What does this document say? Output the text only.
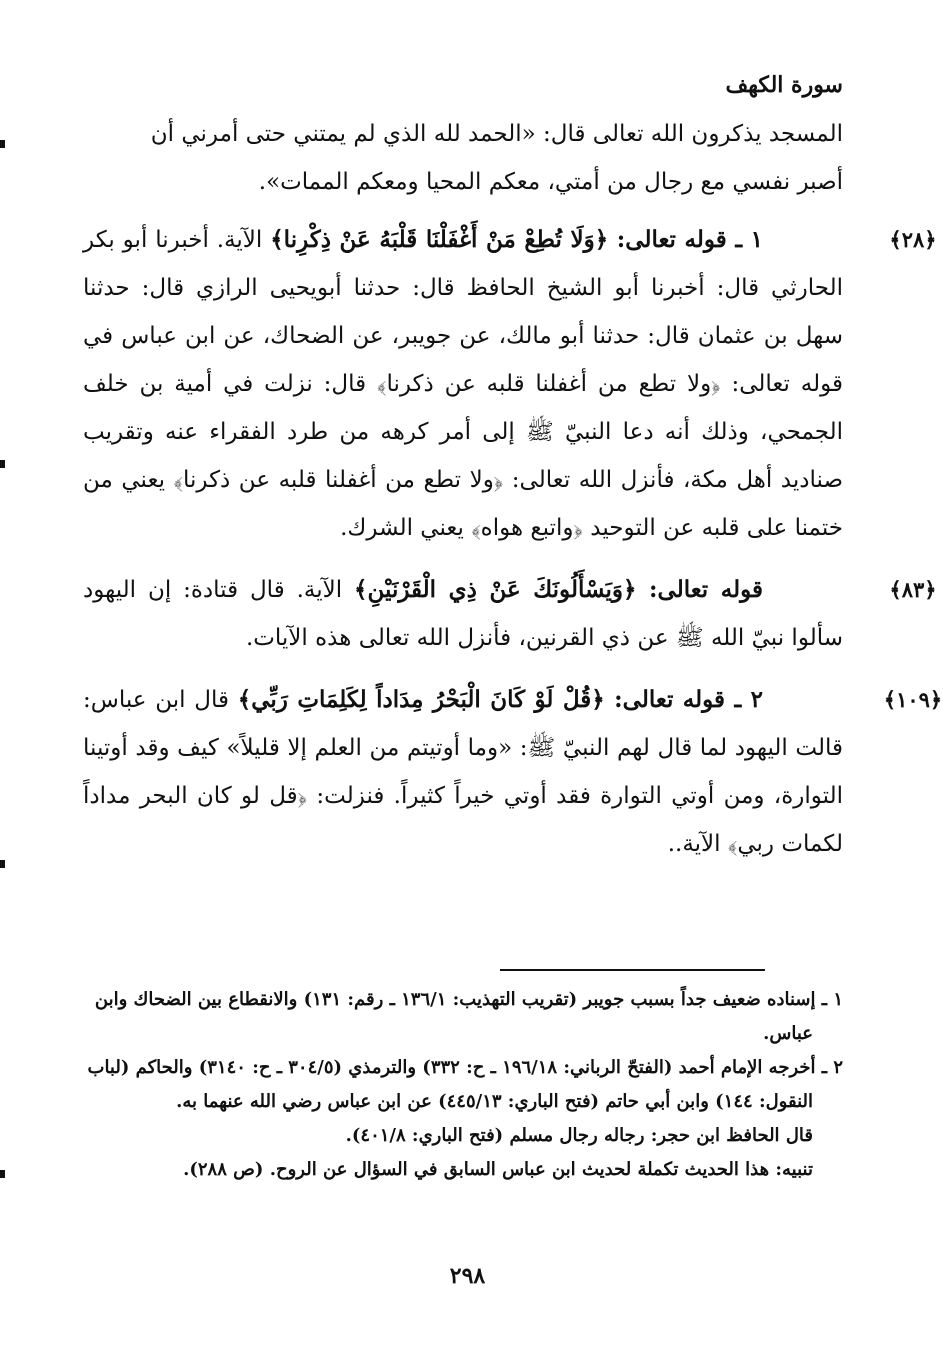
سورة الكهف

المسجد يذكرون الله تعالى قال: «الحمد لله الذي لم يمتني حتى أمرني أن

أصبر نفسي مع رجال من أمتي، معكم المحيا ومعكم الممات».

﴿٢٨﴾

١ ـ قوله تعالى: ﴿وَلَا تُطِعْ مَنْ أَغْفَلْنَا قَلْبَهُ عَنْ ذِكْرِنا﴾ الآية. أخبرنا أبو بكر الحارثي قال: أخبرنا أبو الشيخ الحافظ قال: حدثنا أبويحيى الرازي قال: حدثنا سهل بن عثمان قال: حدثنا أبو مالك، عن جويبر، عن الضحاك، عن ابن عباس في قوله تعالى: ﴿ولا تطع من أغفلنا قلبه عن ذكرنا﴾ قال: نزلت في أمية بن خلف الجمحي، وذلك أنه دعا النبيّ ﷺ إلى أمر كرهه من طرد الفقراء عنه وتقريب صناديد أهل مكة، فأنزل الله تعالى: ﴿ولا تطع من أغفلنا قلبه عن ذكرنا﴾ يعني من ختمنا على قلبه عن التوحيد ﴿واتبع هواه﴾ يعني الشرك.

﴿٨٣﴾

قوله تعالى: ﴿وَيَسْأَلُونَكَ عَنْ ذِي الْقَرْنَيْنِ﴾ الآية. قال قتادة: إن اليهود سألوا نبيّ الله ﷺ عن ذي القرنين، فأنزل الله تعالى هذه الآيات.

﴿١٠٩﴾

٢ ـ قوله تعالى: ﴿قُلْ لَوْ كَانَ الْبَحْرُ مِدَاداً لِكَلِمَاتِ رَبِّي﴾ قال ابن عباس: قالت اليهود لما قال لهم النبيّ ﷺ: «وما أوتيتم من العلم إلا قليلاً» كيف وقد أوتينا التوارة، ومن أوتي التوارة فقد أوتي خيراً كثيراً. فنزلت: ﴿قل لو كان البحر مداداً لكمات ربي﴾ الآية..

١ ـ إسناده ضعيف جداً بسبب جويبر (تقريب التهذيب: ١٣٦/١ ـ رقم: ١٣١) والانقطاع بين الضحاك وابن عباس.

٢ ـ أخرجه الإمام أحمد (الفتحّ الرباني: ١٩٦/١٨ ـ ح: ٣٣٢) والترمذي (٣٠٤/٥ ـ ح: ٣١٤٠) والحاكم (لباب النقول: ١٤٤) وابن أبي حاتم (فتح الباري: ٤٤٥/١٣) عن ابن عباس رضي الله عنهما به.

قال الحافظ ابن حجر: رجاله رجال مسلم (فتح الباري: ٤٠١/٨).

تنبيه: هذا الحديث تكملة لحديث ابن عباس السابق في السؤال عن الروح. (ص ٢٨٨).

٢٩٨
